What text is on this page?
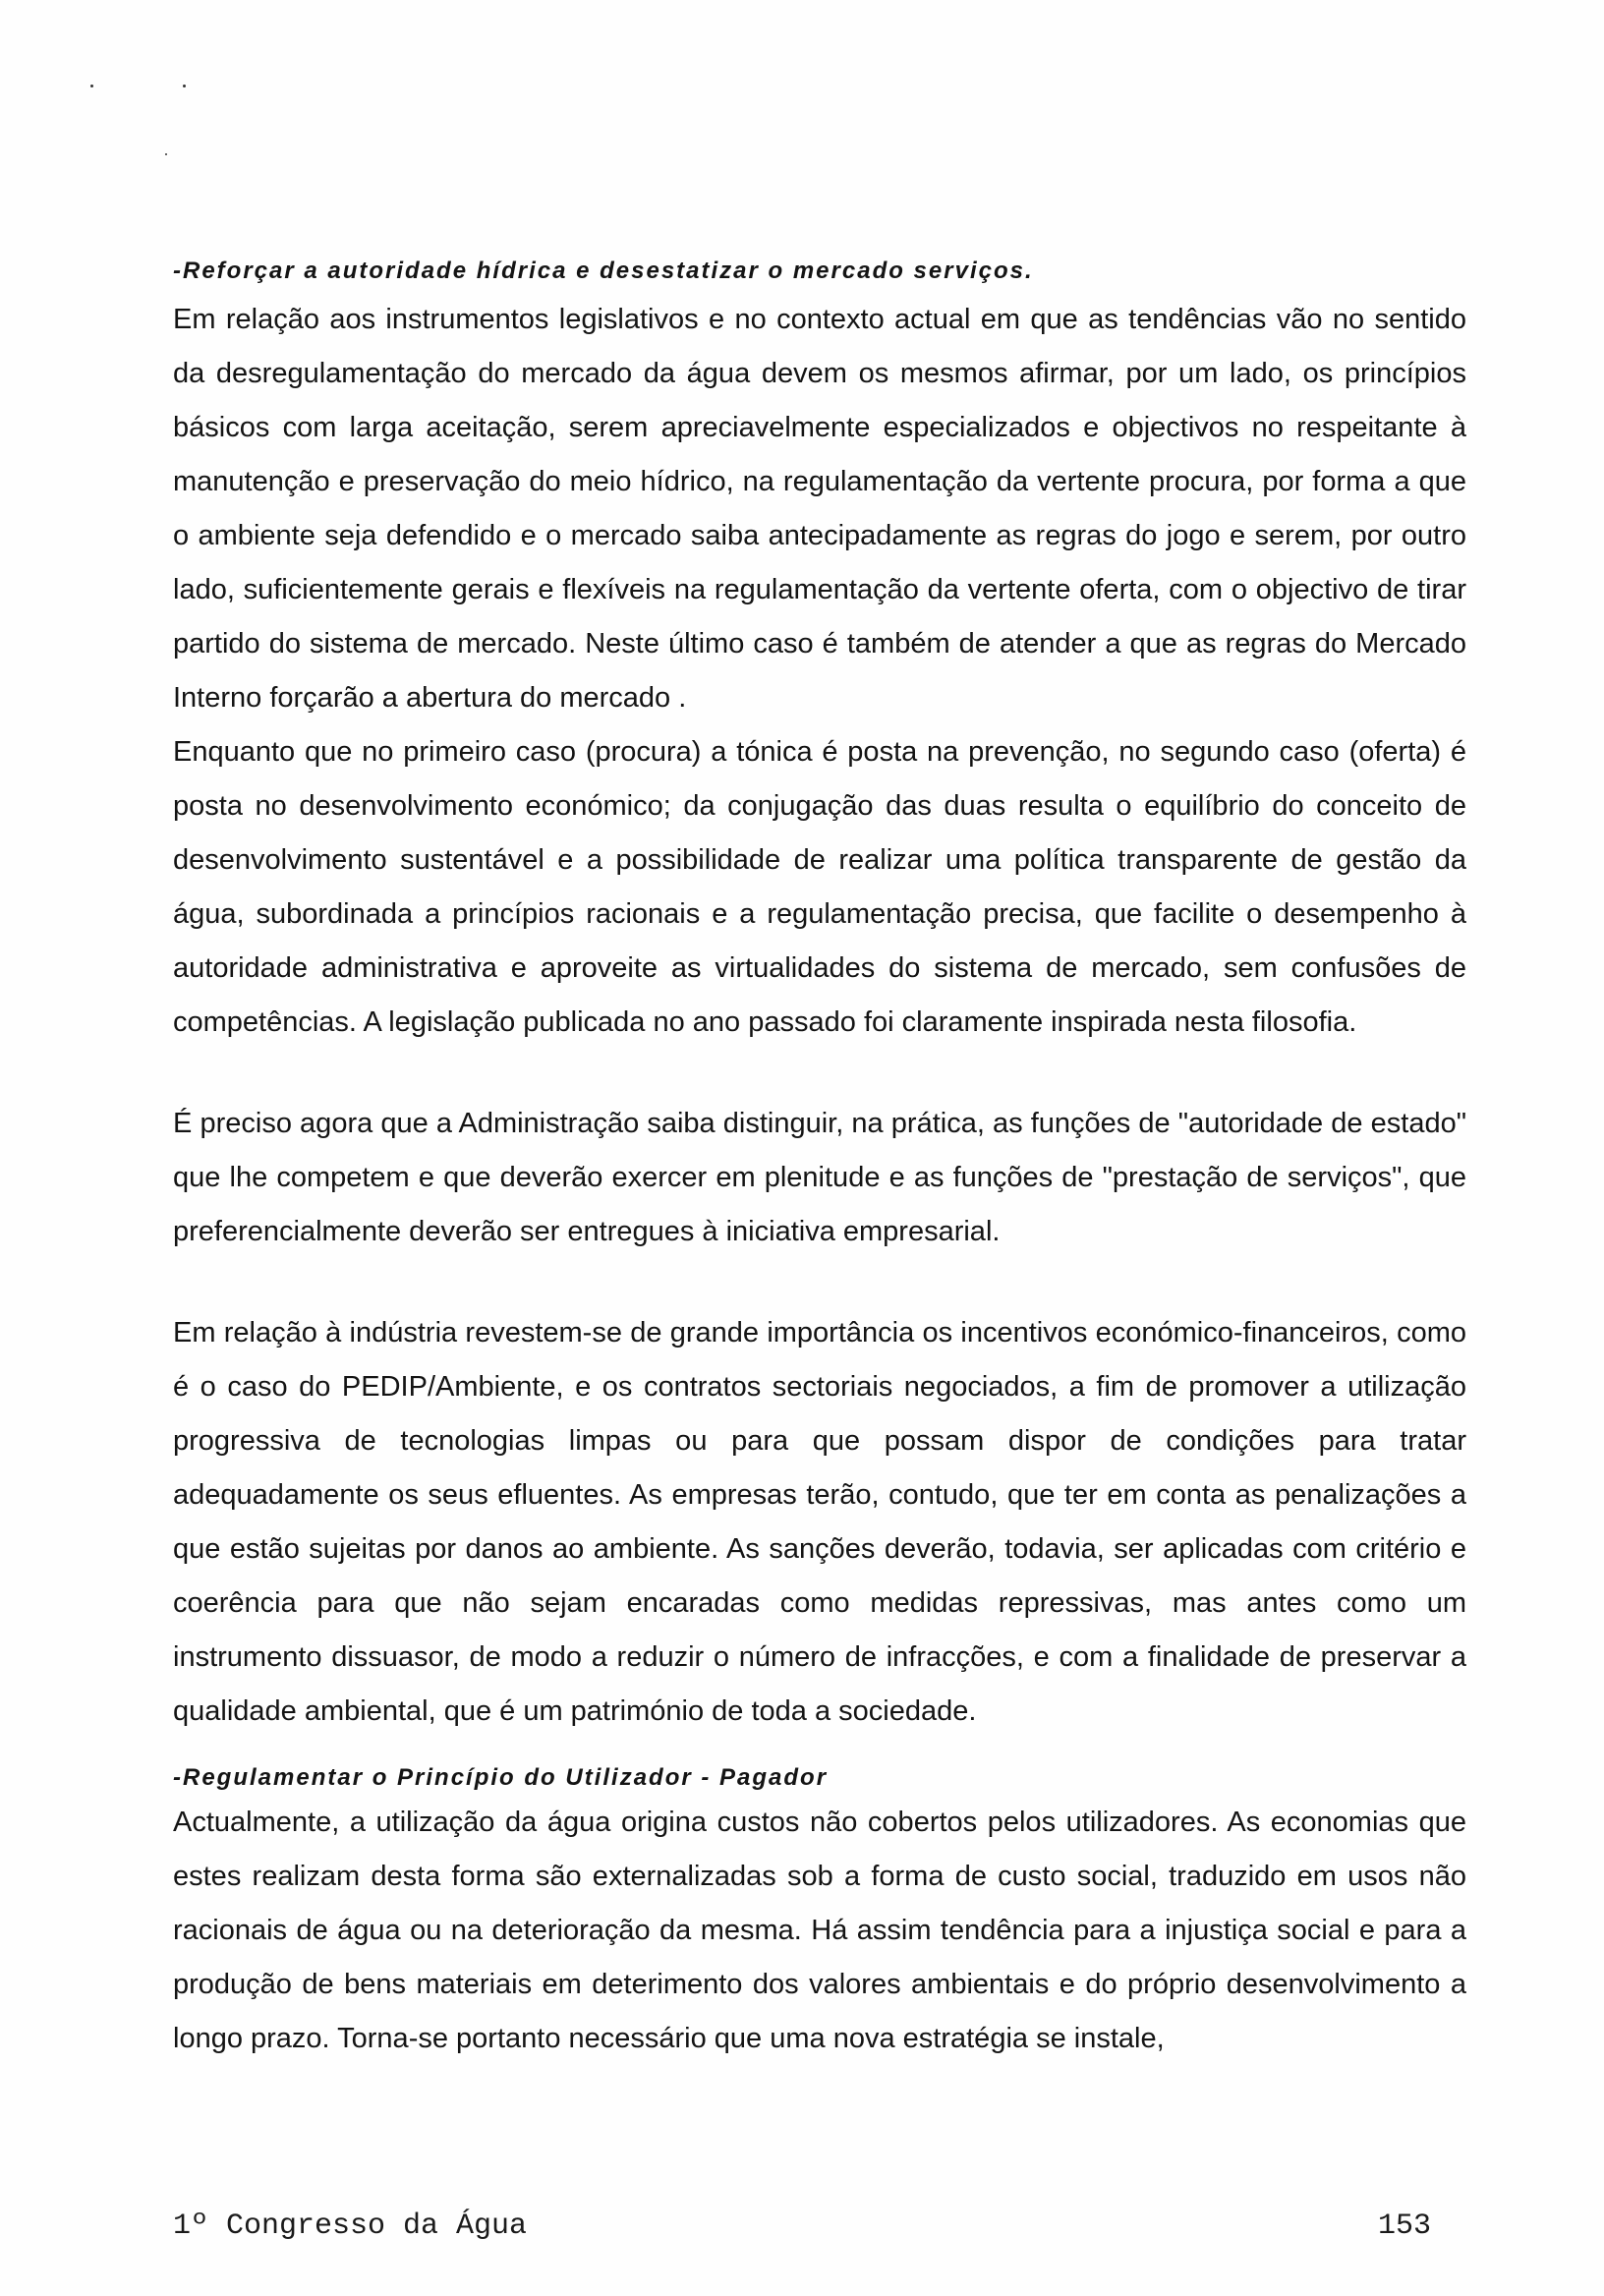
-Reforçar a autoridade hídrica e desestatizar o mercado serviços.

Em relação aos instrumentos legislativos e no contexto actual em que as tendências vão no sentido da desregulamentação do mercado da água devem os mesmos afirmar, por um lado, os princípios básicos com larga aceitação, serem apreciavelmente especializados e objectivos no respeitante à manutenção e preservação do meio hídrico, na regulamentação da vertente procura, por forma a que o ambiente seja defendido e o mercado saiba antecipadamente as regras do jogo e serem, por outro lado, suficientemente gerais e flexíveis na regulamentação da vertente oferta, com o objectivo de tirar partido do sistema de mercado. Neste último caso é também de atender a que as regras do Mercado Interno forçarão a abertura do mercado .

Enquanto que no primeiro caso (procura) a tónica é posta na prevenção, no segundo caso (oferta) é posta no desenvolvimento económico; da conjugação das duas resulta o equilíbrio do conceito de desenvolvimento sustentável e a possibilidade de realizar uma política transparente de gestão da água, subordinada a princípios racionais e a regulamentação precisa, que facilite o desempenho à autoridade administrativa e aproveite as virtualidades do sistema de mercado, sem confusões de competências. A legislação publicada no ano passado foi claramente inspirada nesta filosofia.

É preciso agora que a Administração saiba distinguir, na prática, as funções de "autoridade de estado" que lhe competem e que deverão exercer em plenitude e as funções de "prestação de serviços", que preferencialmente deverão ser entregues à iniciativa empresarial.

Em relação à indústria revestem-se de grande importância os incentivos económico-financeiros, como é o caso do PEDIP/Ambiente, e os contratos sectoriais negociados, a fim de promover a utilização progressiva de tecnologias limpas ou para que possam dispor de condições para tratar adequadamente os seus efluentes. As empresas terão, contudo, que ter em conta as penalizações a que estão sujeitas por danos ao ambiente. As sanções deverão, todavia, ser aplicadas com critério e coerência para que não sejam encaradas como medidas repressivas, mas antes como um instrumento dissuasor, de modo a reduzir o número de infracções, e com a finalidade de preservar a qualidade ambiental, que é um património de toda a sociedade.

-Regulamentar o Princípio do Utilizador - Pagador

Actualmente, a utilização da água origina custos não cobertos pelos utilizadores. As economias que estes realizam desta forma são externalizadas sob a forma de custo social, traduzido em usos não racionais de água ou na deterioração da mesma. Há assim tendência para a injustiça social e para a produção de bens materiais em deterimento dos valores ambientais e do próprio desenvolvimento a longo prazo. Torna-se portanto necessário que uma nova estratégia se instale,

1º Congresso da Água	153
